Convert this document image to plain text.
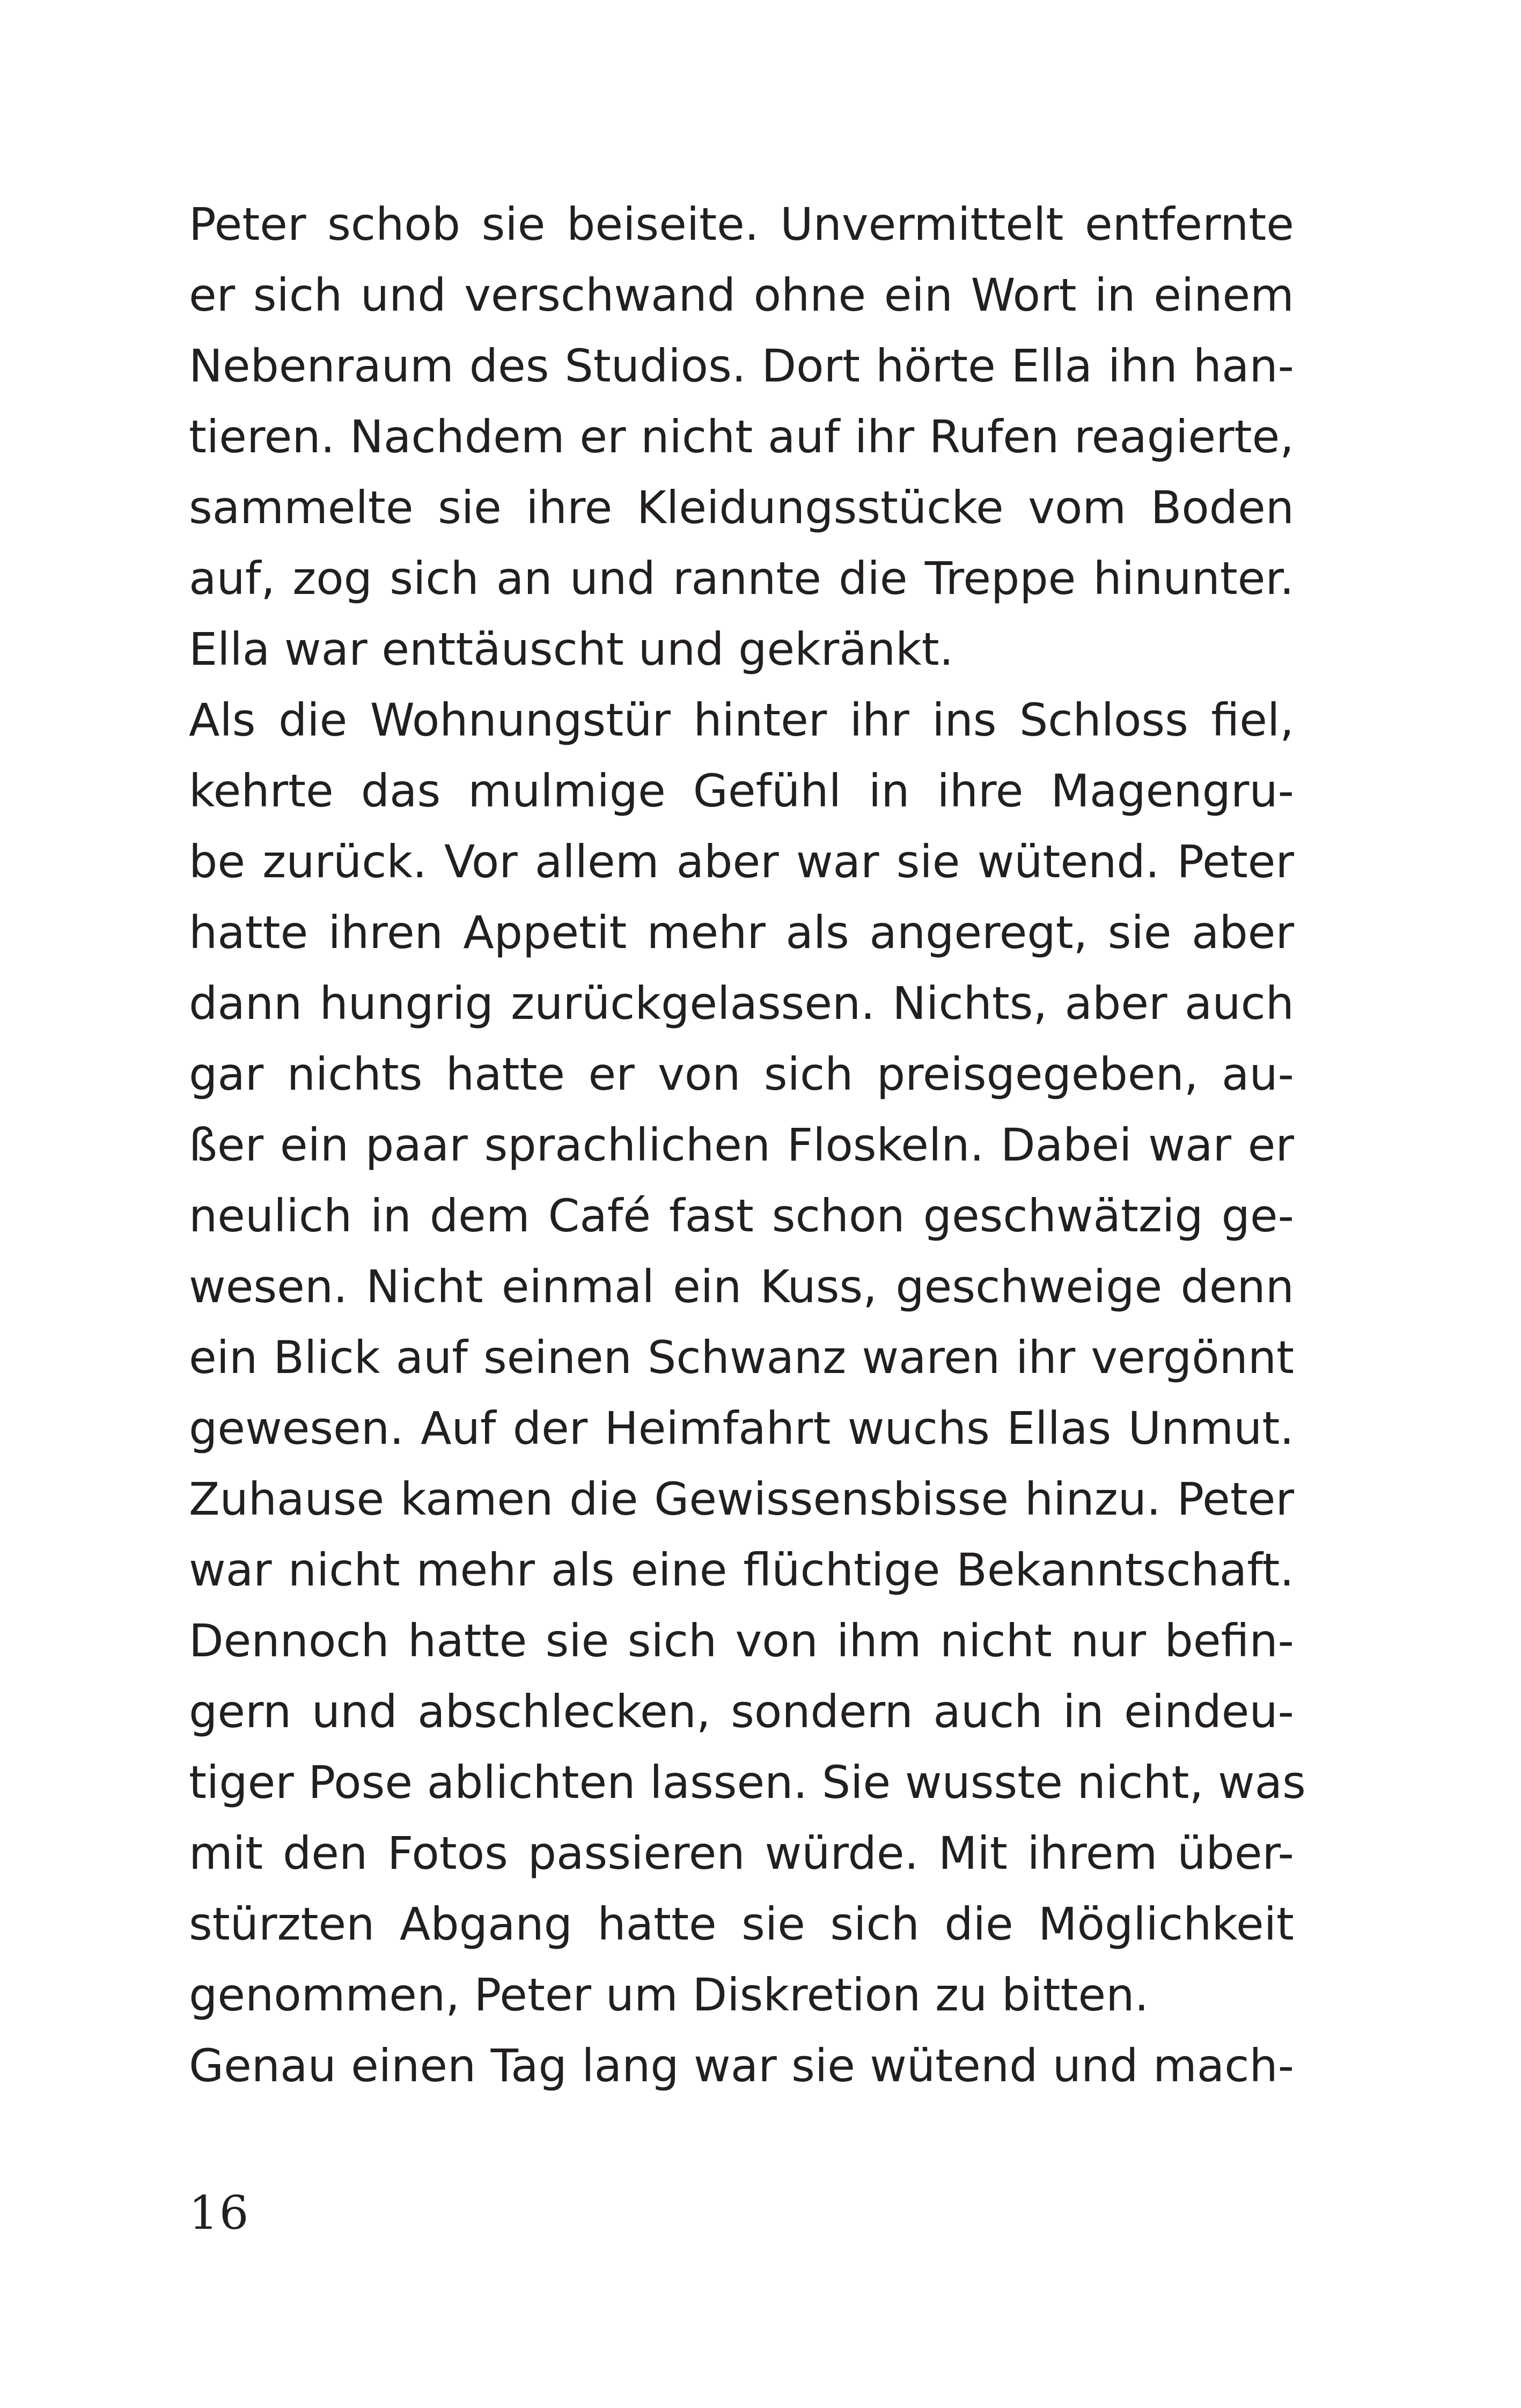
Peter schob sie beiseite. Unvermittelt entfernte
er sich und verschwand ohne ein Wort in einem
Nebenraum des Studios. Dort hörte Ella ihn han-
tieren. Nachdem er nicht auf ihr Rufen reagierte,
sammelte sie ihre Kleidungsstücke vom Boden
auf, zog sich an und rannte die Treppe hinunter.
Ella war enttäuscht und gekränkt.
Als die Wohnungstür hinter ihr ins Schloss fiel,
kehrte das mulmige Gefühl in ihre Magengru-
be zurück. Vor allem aber war sie wütend. Peter
hatte ihren Appetit mehr als angeregt, sie aber
dann hungrig zurückgelassen. Nichts, aber auch
gar nichts hatte er von sich preisgegeben, au-
ßer ein paar sprachlichen Floskeln. Dabei war er
neulich in dem Café fast schon geschwätzig ge-
wesen. Nicht einmal ein Kuss, geschweige denn
ein Blick auf seinen Schwanz waren ihr vergönnt
gewesen. Auf der Heimfahrt wuchs Ellas Unmut.
Zuhause kamen die Gewissensbisse hinzu. Peter
war nicht mehr als eine flüchtige Bekanntschaft.
Dennoch hatte sie sich von ihm nicht nur befin-
gern und abschlecken, sondern auch in eindeu-
tiger Pose ablichten lassen. Sie wusste nicht, was
mit den Fotos passieren würde. Mit ihrem über-
stürzten Abgang hatte sie sich die Möglichkeit
genommen, Peter um Diskretion zu bitten.
Genau einen Tag lang war sie wütend und mach-
16
